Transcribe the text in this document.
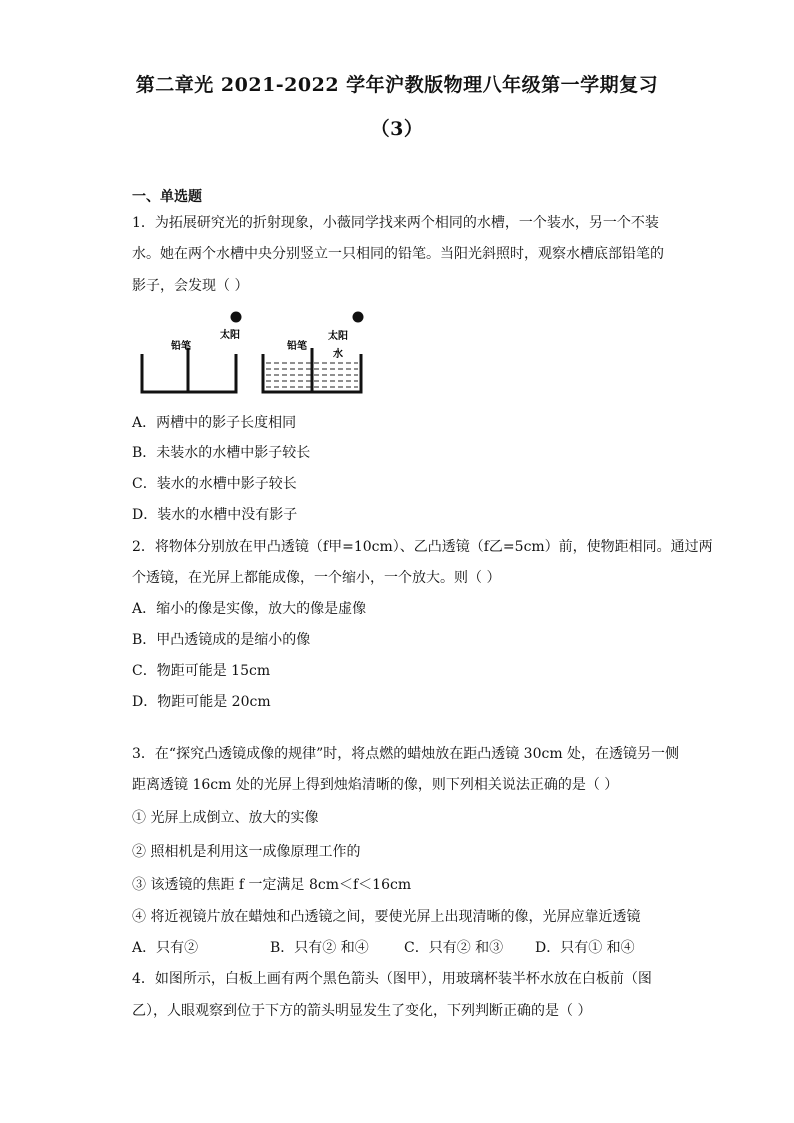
第二章光 2021-2022 学年沪教版物理八年级第一学期复习
（3）
一、单选题
1．为拓展研究光的折射现象，小薇同学找来两个相同的水槽，一个装水，另一个不装
水。她在两个水槽中央分别竖立一只相同的铅笔。当阳光斜照时，观察水槽底部铅笔的
影子，会发现（ ）
铅笔
太阳
铅笔
太阳
水
A．两槽中的影子长度相同
B．未装水的水槽中影子较长
C．装水的水槽中影子较长
D．装水的水槽中没有影子
2．将物体分别放在甲凸透镜（f甲=10cm）、乙凸透镜（f乙=5cm）前，使物距相同。通过两
个透镜，在光屏上都能成像，一个缩小，一个放大。则（ ）
A．缩小的像是实像，放大的像是虚像
B．甲凸透镜成的是缩小的像
C．物距可能是 15cm
D．物距可能是 20cm
3．在“探究凸透镜成像的规律”时，将点燃的蜡烛放在距凸透镜 30cm 处，在透镜另一侧
距离透镜 16cm 处的光屏上得到烛焰清晰的像，则下列相关说法正确的是（ ）
① 光屏上成倒立、放大的实像
② 照相机是利用这一成像原理工作的
③ 该透镜的焦距 f 一定满足 8cm＜f＜16cm
④ 将近视镜片放在蜡烛和凸透镜之间，要使光屏上出现清晰的像，光屏应靠近透镜
A．只有②	B．只有② 和④	C．只有② 和③ D．只有① 和④
4．如图所示，白板上画有两个黑色箭头（图甲），用玻璃杯装半杯水放在白板前（图
乙），人眼观察到位于下方的箭头明显发生了变化，下列判断正确的是（ ）
